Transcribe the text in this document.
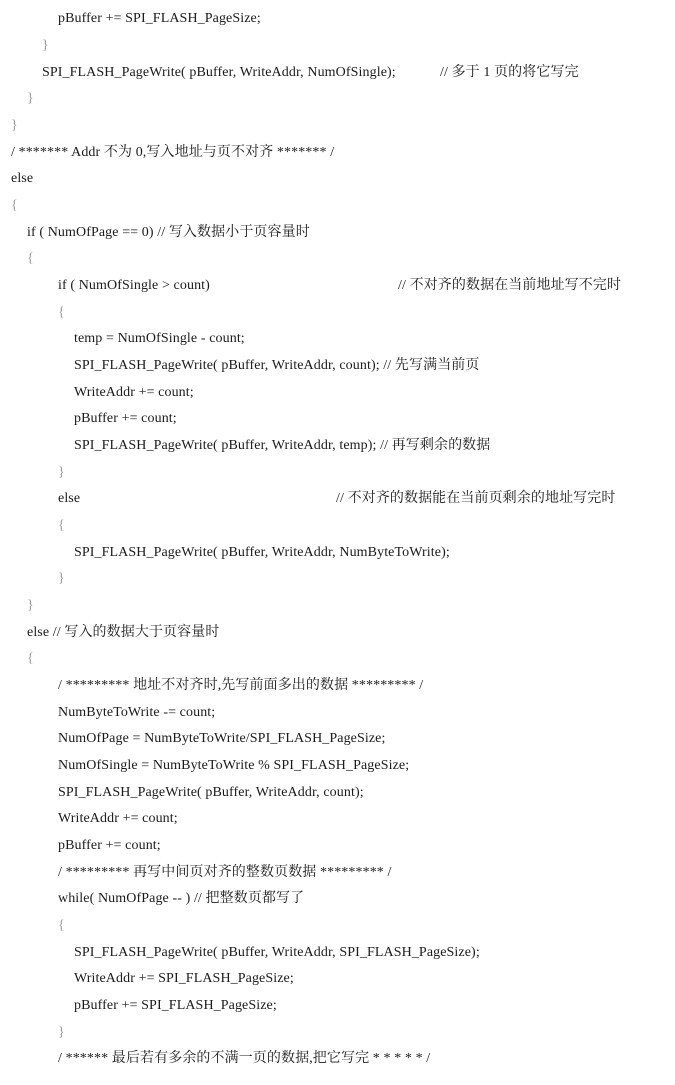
pBuffer += SPI_FLASH_PageSize;
}
SPI_FLASH_PageWrite( pBuffer, WriteAddr, NumOfSingle);	// 多于 1 页的将它写完
}
}
/ ******* Addr 不为 0,写入地址与页不对齐 ******* /
else
{
if ( NumOfPage == 0) // 写入数据小于页容量时
{
if ( NumOfSingle > count)	// 不对齐的数据在当前地址写不完时
{
temp = NumOfSingle - count;
SPI_FLASH_PageWrite( pBuffer, WriteAddr, count); // 先写满当前页
WriteAddr += count;
pBuffer += count;
SPI_FLASH_PageWrite( pBuffer, WriteAddr, temp); // 再写剩余的数据
}
else	// 不对齐的数据能在当前页剩余的地址写完时
{
SPI_FLASH_PageWrite( pBuffer, WriteAddr, NumByteToWrite);
}
}
else // 写入的数据大于页容量时
{
/ ********* 地址不对齐时,先写前面多出的数据 ********* /
NumByteToWrite -= count;
NumOfPage = NumByteToWrite/SPI_FLASH_PageSize;
NumOfSingle = NumByteToWrite % SPI_FLASH_PageSize;
SPI_FLASH_PageWrite( pBuffer, WriteAddr, count);
WriteAddr += count;
pBuffer += count;
/ ********* 再写中间页对齐的整数页数据 ********* /
while( NumOfPage -- ) // 把整数页都写了
{
SPI_FLASH_PageWrite( pBuffer, WriteAddr, SPI_FLASH_PageSize);
WriteAddr += SPI_FLASH_PageSize;
pBuffer += SPI_FLASH_PageSize;
}
/ ****** 最后若有多余的不满一页的数据,把它写完 * * * * * /
